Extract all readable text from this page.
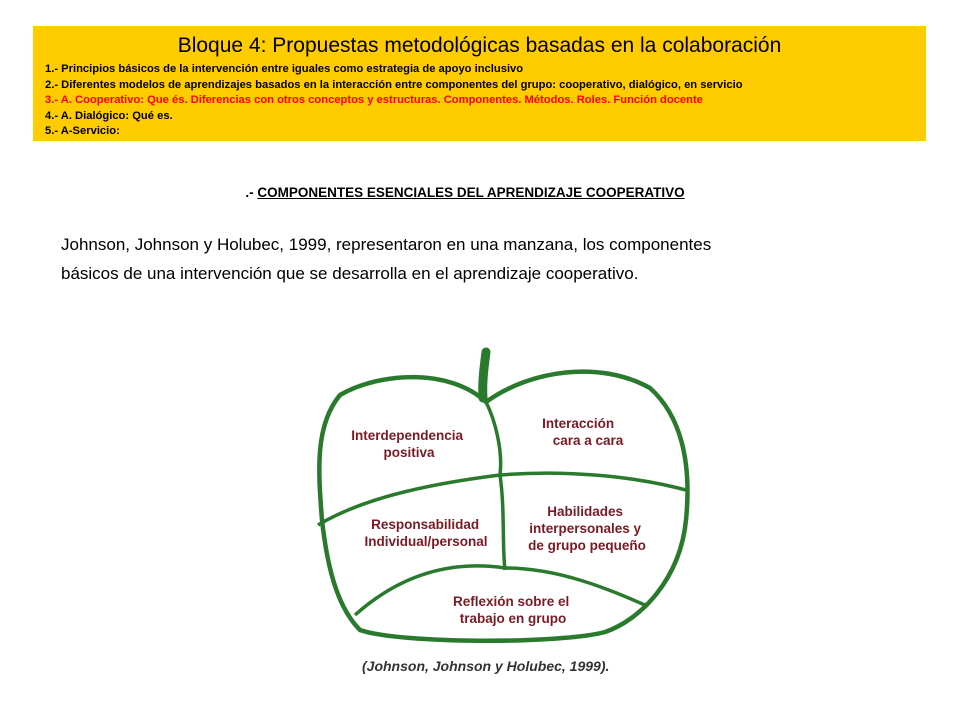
Bloque 4: Propuestas metodológicas basadas en la colaboración
1.- Principios básicos de la intervención entre iguales como estrategia de apoyo inclusivo
2.- Diferentes modelos de aprendizajes basados en la interacción entre componentes del grupo: cooperativo, dialógico, en servicio
3.- A. Cooperativo: Que és. Diferencias con otros conceptos y estructuras. Componentes. Métodos. Roles. Función docente
4.- A. Dialógico: Qué es.
5.- A-Servicio:
.- COMPONENTES ESENCIALES DEL APRENDIZAJE COOPERATIVO
Johnson, Johnson y Holubec, 1999, representaron en una manzana, los componentes
básicos de una intervención que se desarrolla en el aprendizaje cooperativo.
Interdependencia positiva
Interacción cara a cara
Responsabilidad Individual/personal
Habilidades interpersonales y de grupo pequeño
Reflexión sobre el trabajo en grupo
(Johnson, Johnson y Holubec, 1999).
